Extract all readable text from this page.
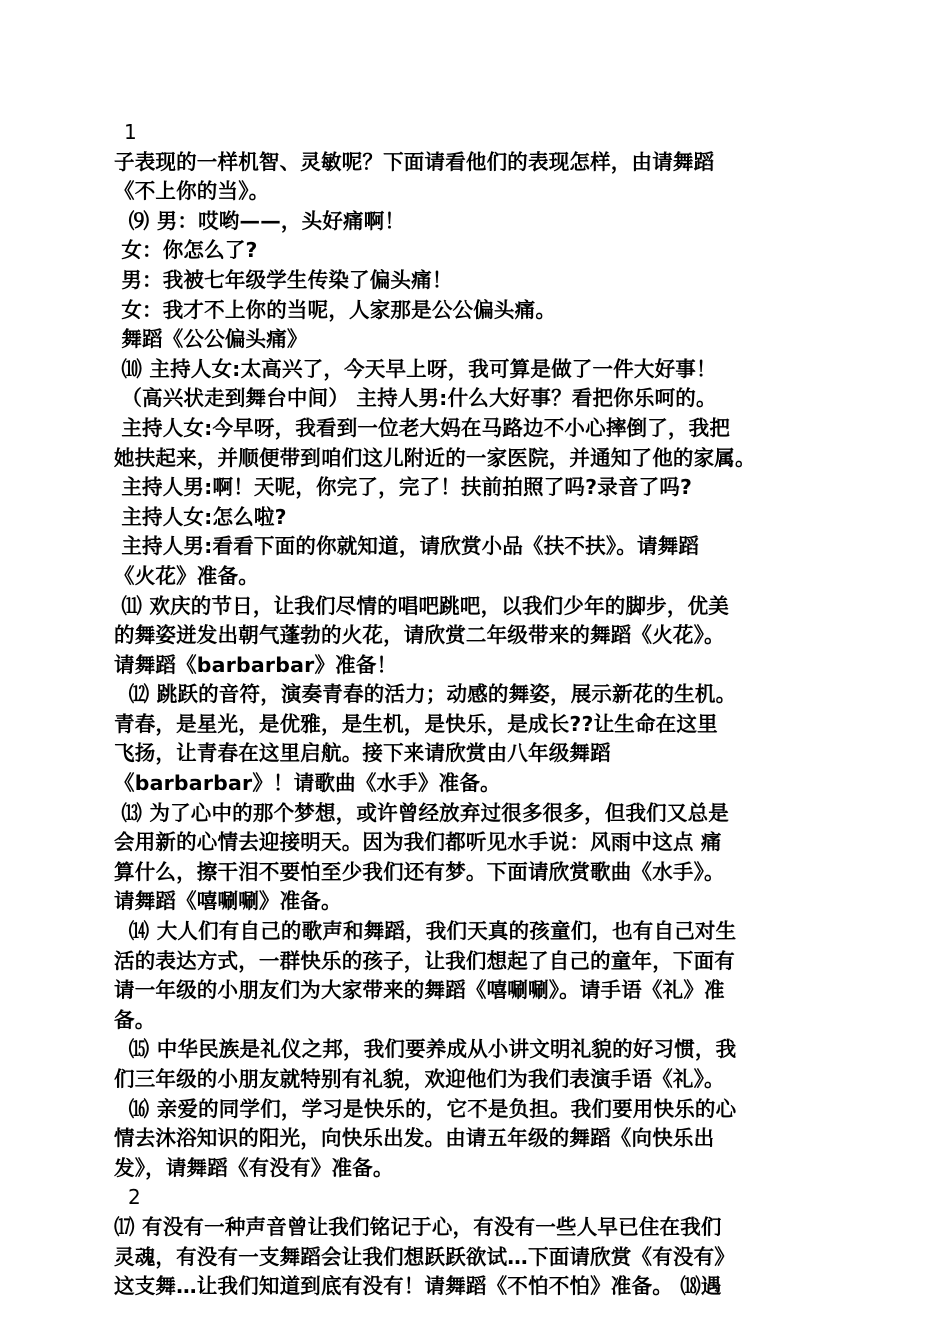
1
子表现的一样机智、灵敏呢？下面请看他们的表现怎样，由请舞蹈
《不上你的当》。
⑼ 男：哎哟——，头好痛啊！
女：你怎么了?
男：我被七年级学生传染了偏头痛！
女：我才不上你的当呢，人家那是公公偏头痛。
舞蹈《公公偏头痛》
⑽ 主持人女:太高兴了，今天早上呀，我可算是做了一件大好事！
（高兴状走到舞台中间） 主持人男:什么大好事？看把你乐呵的。
主持人女:今早呀，我看到一位老大妈在马路边不小心摔倒了，我把
她扶起来，并顺便带到咱们这儿附近的一家医院，并通知了他的家属。
主持人男:啊！天呢，你完了，完了！扶前拍照了吗?录音了吗?
主持人女:怎么啦?
主持人男:看看下面的你就知道，请欣赏小品《扶不扶》。请舞蹈
《火花》准备。
⑾ 欢庆的节日，让我们尽情的唱吧跳吧，以我们少年的脚步，优美
的舞姿迸发出朝气蓬勃的火花，请欣赏二年级带来的舞蹈《火花》。
请舞蹈《barbarbar》准备！
⑿ 跳跃的音符，演奏青春的活力；动感的舞姿，展示新花的生机。
青春，是星光，是优雅，是生机，是快乐，是成长??让生命在这里
飞扬，让青春在这里启航。接下来请欣赏由八年级舞蹈
《barbarbar》！请歌曲《水手》准备。
⒀ 为了心中的那个梦想，或许曾经放弃过很多很多，但我们又总是
会用新的心情去迎接明天。因为我们都听见水手说：风雨中这点 痛
算什么，擦干泪不要怕至少我们还有梦。下面请欣赏歌曲《水手》。
请舞蹈《嘻唰唰》准备。
⒁ 大人们有自己的歌声和舞蹈，我们天真的孩童们，也有自己对生
活的表达方式，一群快乐的孩子，让我们想起了自己的童年，下面有
请一年级的小朋友们为大家带来的舞蹈《嘻唰唰》。请手语《礼》准
备。
⒂ 中华民族是礼仪之邦，我们要养成从小讲文明礼貌的好习惯，我
们三年级的小朋友就特别有礼貌，欢迎他们为我们表演手语《礼》。
⒃ 亲爱的同学们，学习是快乐的，它不是负担。我们要用快乐的心
情去沐浴知识的阳光，向快乐出发。由请五年级的舞蹈《向快乐出
发》，请舞蹈《有没有》准备。
2
⒄ 有没有一种声音曾让我们铭记于心，有没有一些人早已住在我们
灵魂，有没有一支舞蹈会让我们想跃跃欲试…下面请欣赏《有没有》
这支舞…让我们知道到底有没有！请舞蹈《不怕不怕》准备。 ⒅遇
